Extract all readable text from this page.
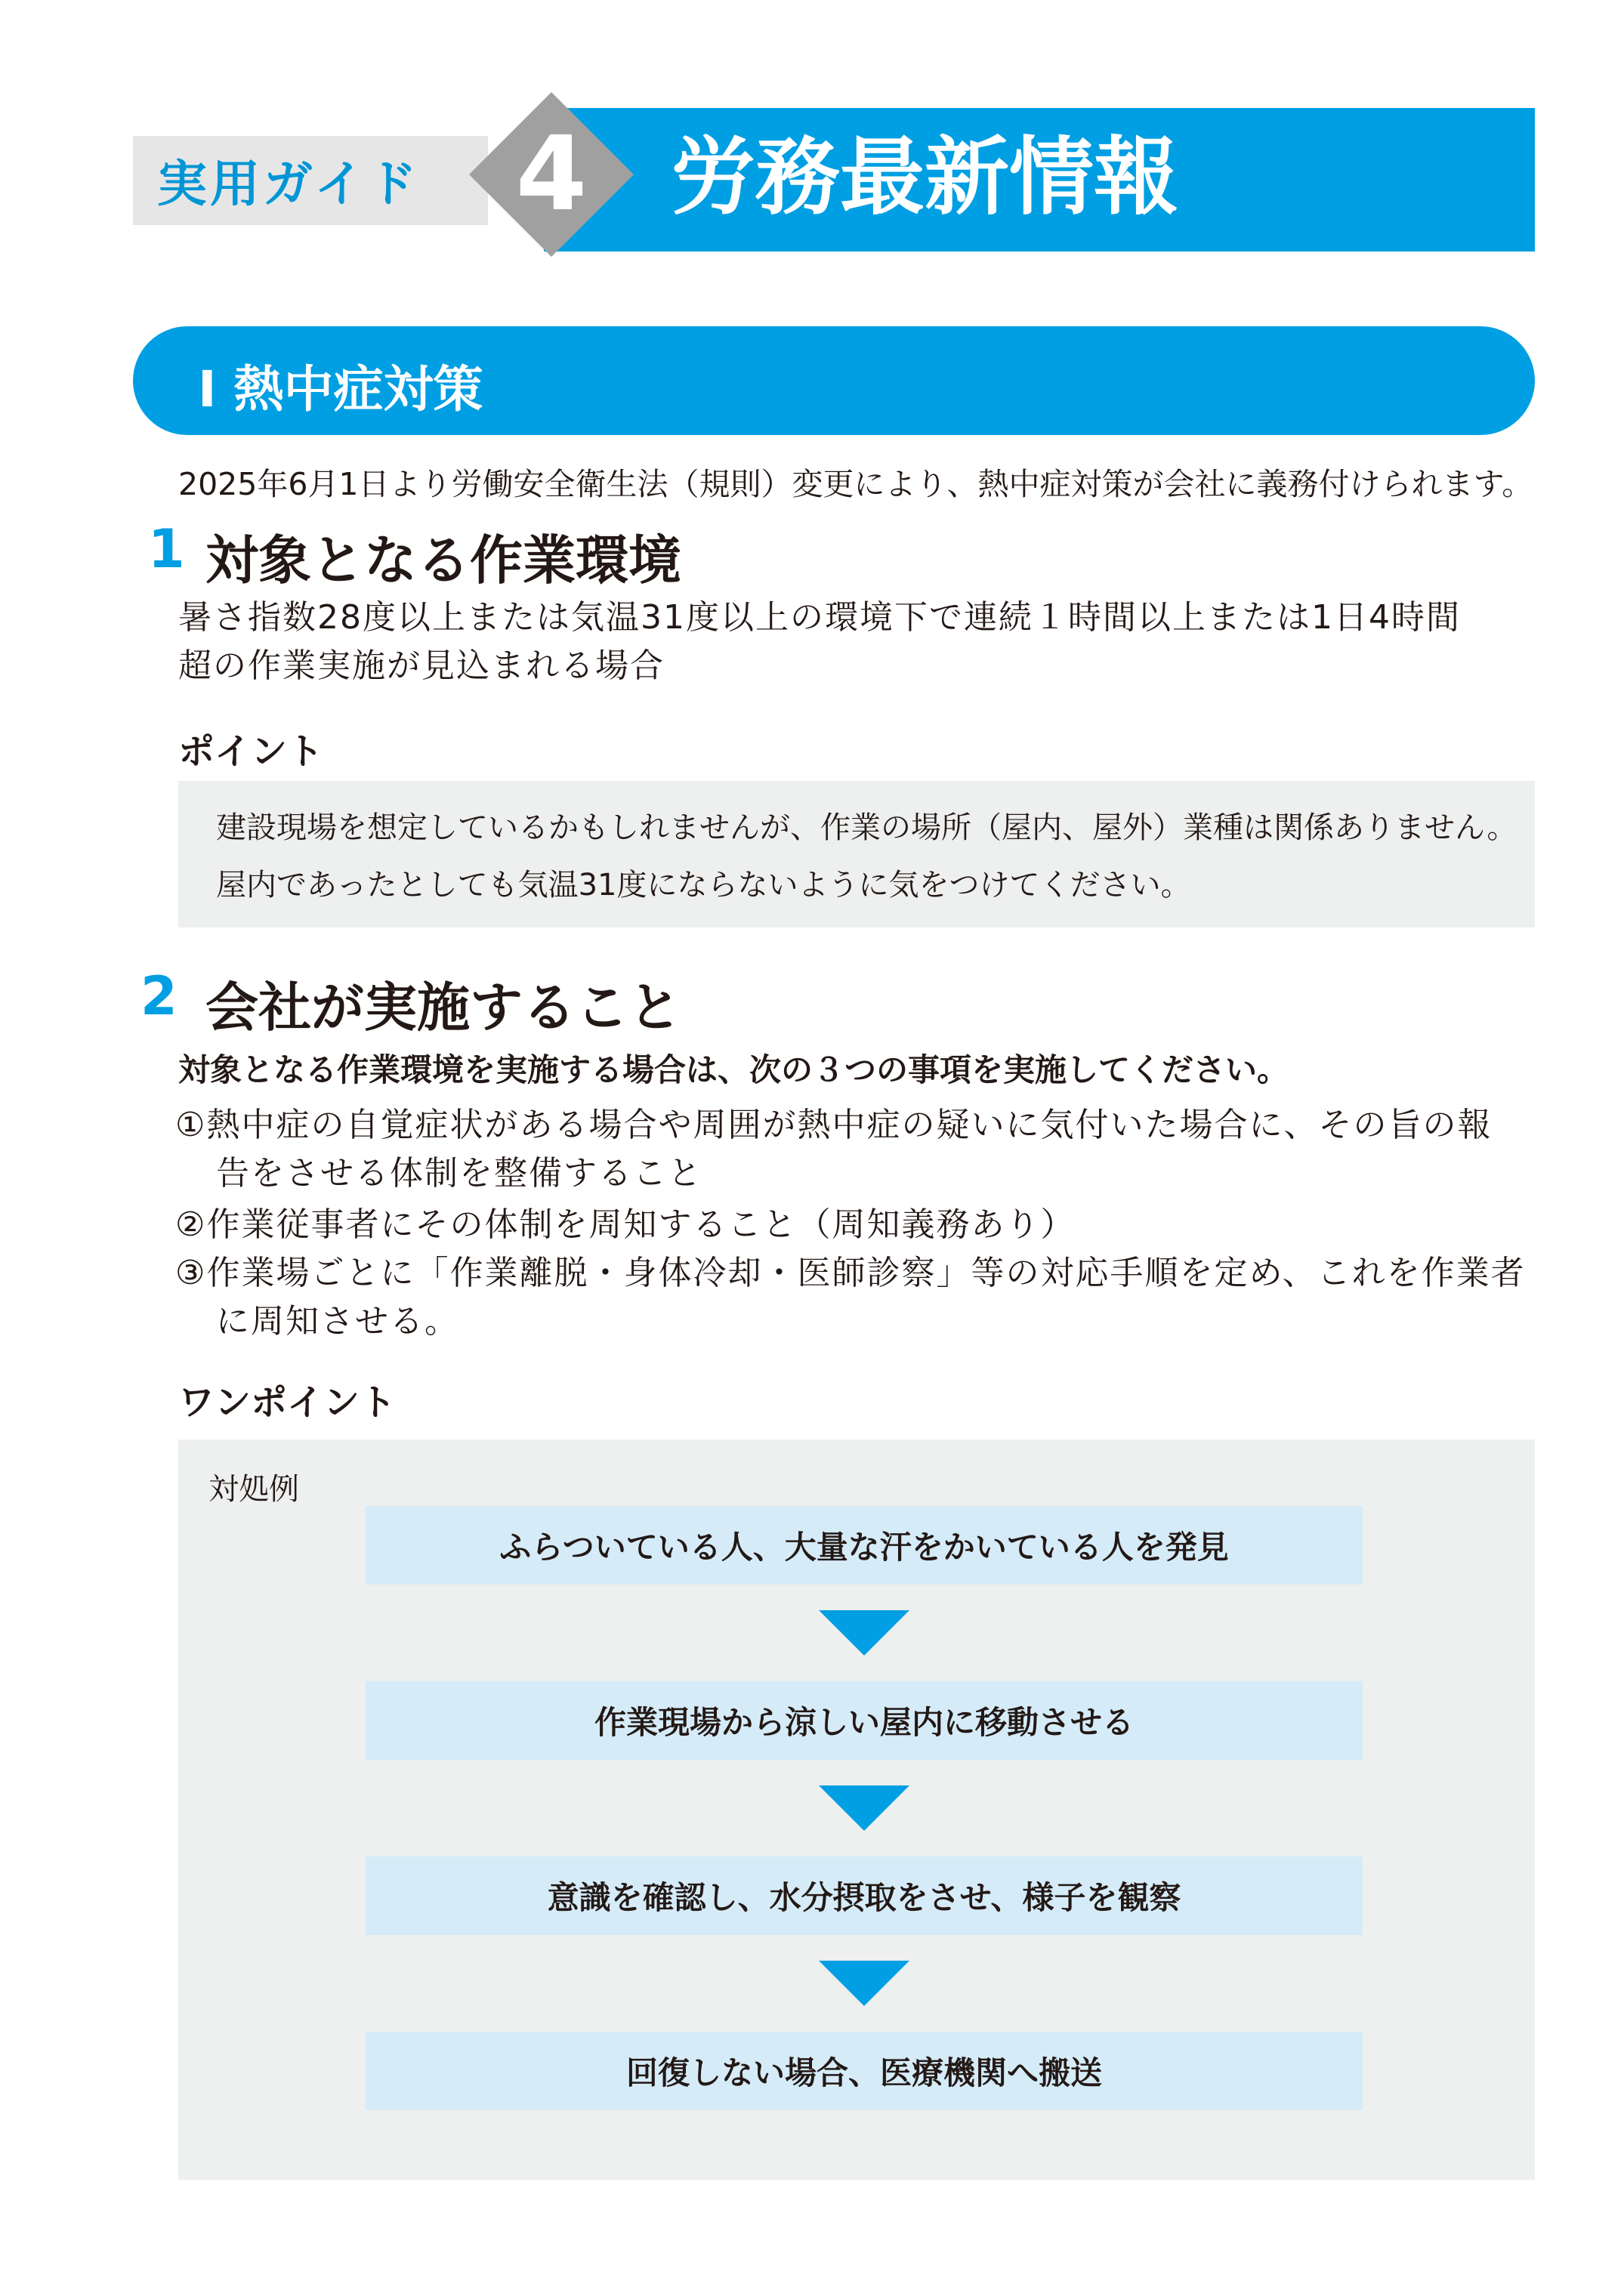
実用ガイド 4 労務最新情報
Ⅰ 熱中症対策
2025年6月1日より労働安全衛生法（規則）変更により、熱中症対策が会社に義務付けられます。
1 対象となる作業環境
暑さ指数28度以上または気温31度以上の環境下で連続１時間以上または1日4時間
超の作業実施が見込まれる場合
ポイント
建設現場を想定しているかもしれませんが、作業の場所（屋内、屋外）業種は関係ありません。
屋内であったとしても気温31度にならないように気をつけてください。
2 会社が実施すること
対象となる作業環境を実施する場合は、次の３つの事項を実施してください。
①熱中症の自覚症状がある場合や周囲が熱中症の疑いに気付いた場合に、その旨の報
告をさせる体制を整備すること
②作業従事者にその体制を周知すること（周知義務あり）
③作業場ごとに「作業離脱・身体冷却・医師診察」等の対応手順を定め、これを作業者
に周知させる。
ワンポイント
対処例
ふらついている人、大量な汗をかいている人を発見
作業現場から涼しい屋内に移動させる
意識を確認し、水分摂取をさせ、様子を観察
回復しない場合、医療機関へ搬送
